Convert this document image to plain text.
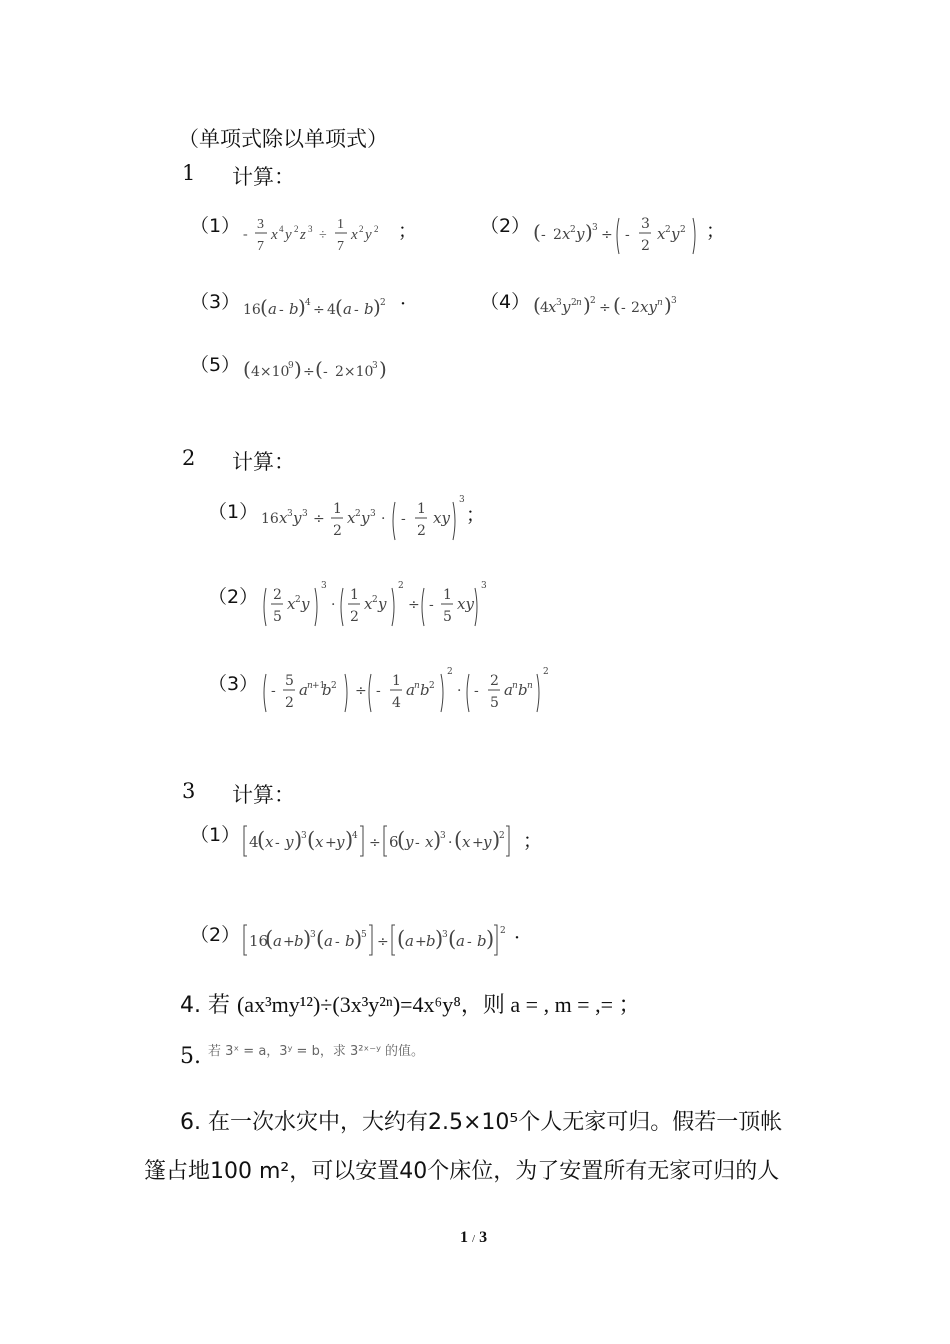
（单项式除以单项式）
1 计算：
（1） -
3
7
x 4 y 2 z 3 ÷
1
7
x 2 y 2 ；	（2） ( - 2 x 2 y ) 3 ÷ -
3
2
x 2 y 2 ；
（3） 16 ( a - b ) 4 ÷ 4 ( a - b ) 2 ·	（4） ( 4 x 3 y 2 n ) 2 ÷ ( - 2 xy n ) 3
（5） ( 4×10
9 ) ÷ ( - 2×10
3 )
2 计算：
（1） 16 x 3 y 3 ÷
1
2
x 2 y 3 · -
1
2
xy
3
；
（2） 2
5
x 2 y
3
·
1
2
x 2 y
2
÷ -
1
5
xy
3
（3） -
5
2
a n +1
b 2 ÷ -
1
4
a n b 2
2
· -
2
5
a n b n
2
3 计算：
（1） 4
( x - y )
3 ( x + y )
4 ÷ 6
( y - x )
3 · ( x + y )
2 ；
（2） 16
( a + b )
3 ( a - b )
5 ÷ ( a + b )
3 ( a - b ) 2 ·
4. 若 (ax³my¹²)÷(3x³y²ⁿ)=4x⁶y⁸，则 a = , m = ,= ；
5. 若 3ˣ = a，3ʸ = b，求 3²ˣ⁻ʸ 的值。
6. 在一次水灾中，大约有2.5×10⁵个人无家可归。假若一顶帐
篷占地100 m²，可以安置40个床位，为了安置所有无家可归的人
1 / 3
